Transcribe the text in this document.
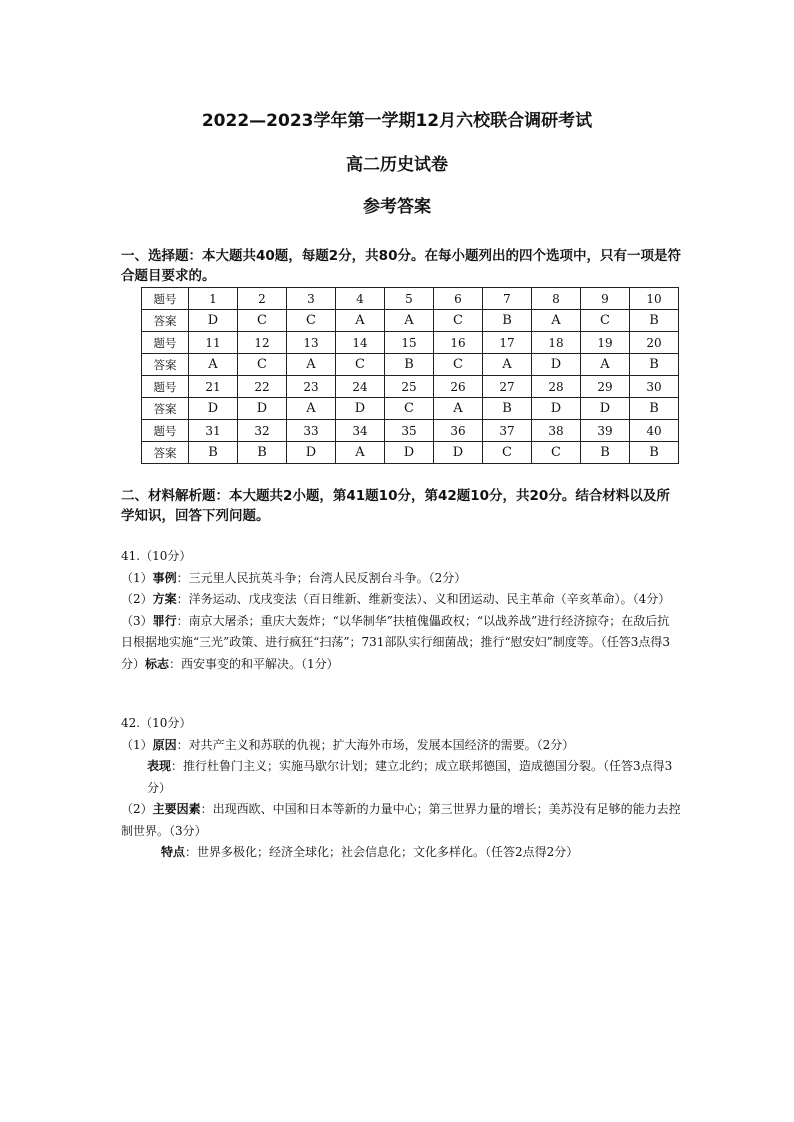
2022—2023学年第一学期12月六校联合调研考试
高二历史试卷
参考答案
一、选择题：本大题共40题，每题2分，共80分。在每小题列出的四个选项中，只有一项是符合题目要求的。
题号	1	2	3	4	5	6	7	8	9	10
答案	D	C	C	A	A	C	B	A	C	B
题号	11	12	13	14	15	16	17	18	19	20
答案	A	C	A	C	B	C	A	D	A	B
题号	21	22	23	24	25	26	27	28	29	30
答案	D	D	A	D	C	A	B	D	D	B
题号	31	32	33	34	35	36	37	38	39	40
答案	B	B	D	A	D	D	C	C	B	B
二、材料解析题：本大题共2小题，第41题10分，第42题10分，共20分。结合材料以及所学知识，回答下列问题。

41.（10分）

（1）事例：三元里人民抗英斗争；台湾人民反割台斗争。（2分）

（2）方案：洋务运动、戊戌变法（百日维新、维新变法）、义和团运动、民主革命（辛亥革命）。（4分）

（3）罪行：南京大屠杀；重庆大轰炸；“以华制华”扶植傀儡政权；“以战养战”进行经济掠夺；在敌后抗日根据地实施“三光”政策、进行疯狂“扫荡”；731部队实行细菌战；推行“慰安妇”制度等。（任答3点得3分）标志：西安事变的和平解决。（1分）

42.（10分）

（1）原因：对共产主义和苏联的仇视；扩大海外市场，发展本国经济的需要。（2分）

表现：推行杜鲁门主义；实施马歇尔计划；建立北约；成立联邦德国，造成德国分裂。（任答3点得3分）

（2）主要因素：出现西欧、中国和日本等新的力量中心；第三世界力量的增长；美苏没有足够的能力去控制世界。（3分）

特点：世界多极化；经济全球化；社会信息化；文化多样化。（任答2点得2分）
